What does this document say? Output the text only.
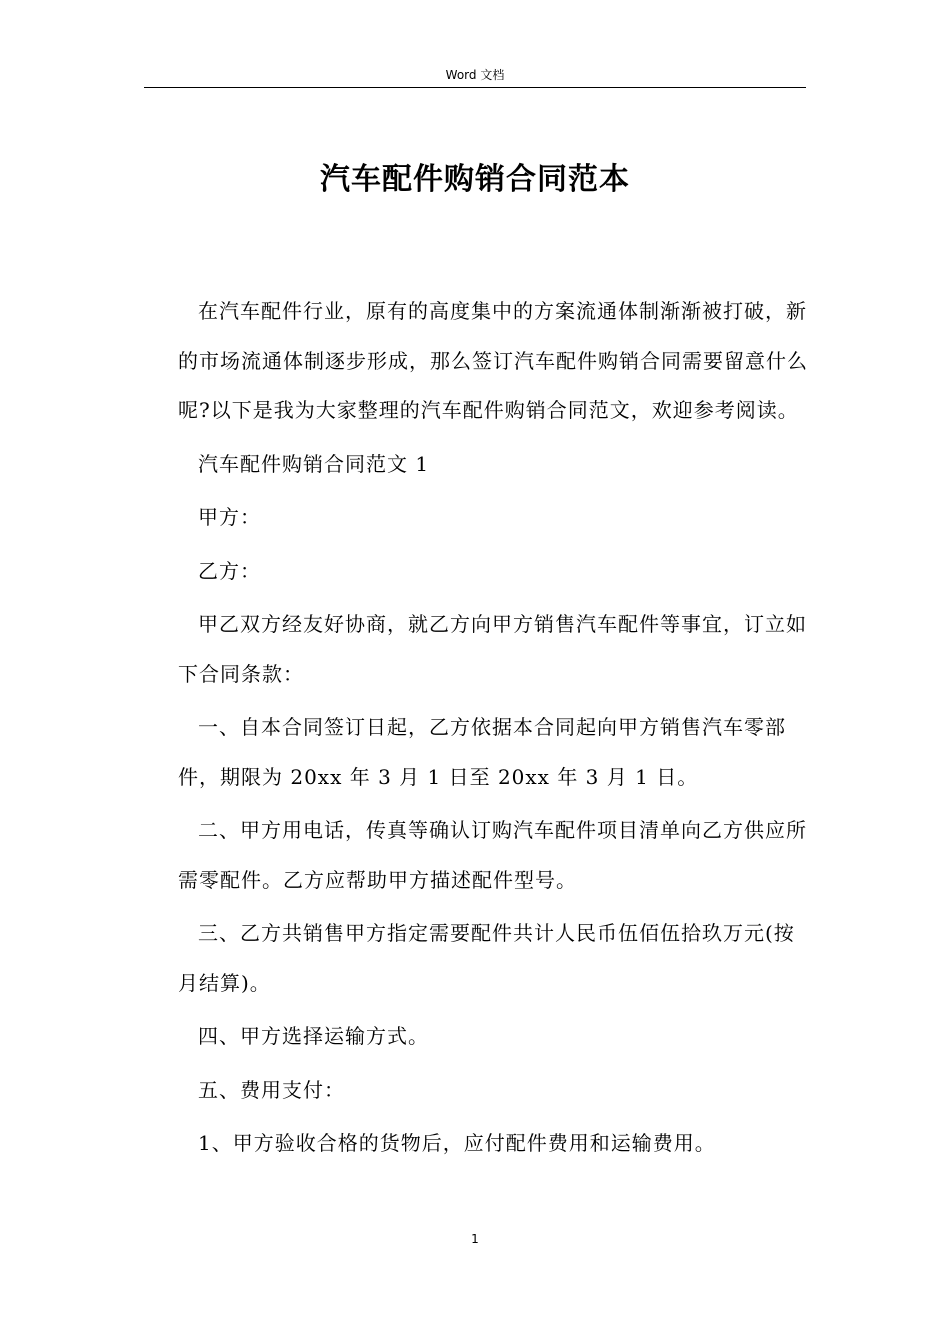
Word 文档
汽车配件购销合同范本

在汽车配件行业，原有的高度集中的方案流通体制渐渐被打破，新的市场流通体制逐步形成，那么签订汽车配件购销合同需要留意什么呢?以下是我为大家整理的汽车配件购销合同范文，欢迎参考阅读。

汽车配件购销合同范文 1

甲方：

乙方：

甲乙双方经友好协商，就乙方向甲方销售汽车配件等事宜，订立如下合同条款：

一、自本合同签订日起，乙方依据本合同起向甲方销售汽车零部件，期限为 20xx 年 3 月 1 日至 20xx 年 3 月 1 日。

二、甲方用电话，传真等确认订购汽车配件项目清单向乙方供应所需零配件。乙方应帮助甲方描述配件型号。

三、乙方共销售甲方指定需要配件共计人民币伍佰伍拾玖万元(按月结算)。

四、甲方选择运输方式。

五、费用支付：

1、甲方验收合格的货物后，应付配件费用和运输费用。

1
